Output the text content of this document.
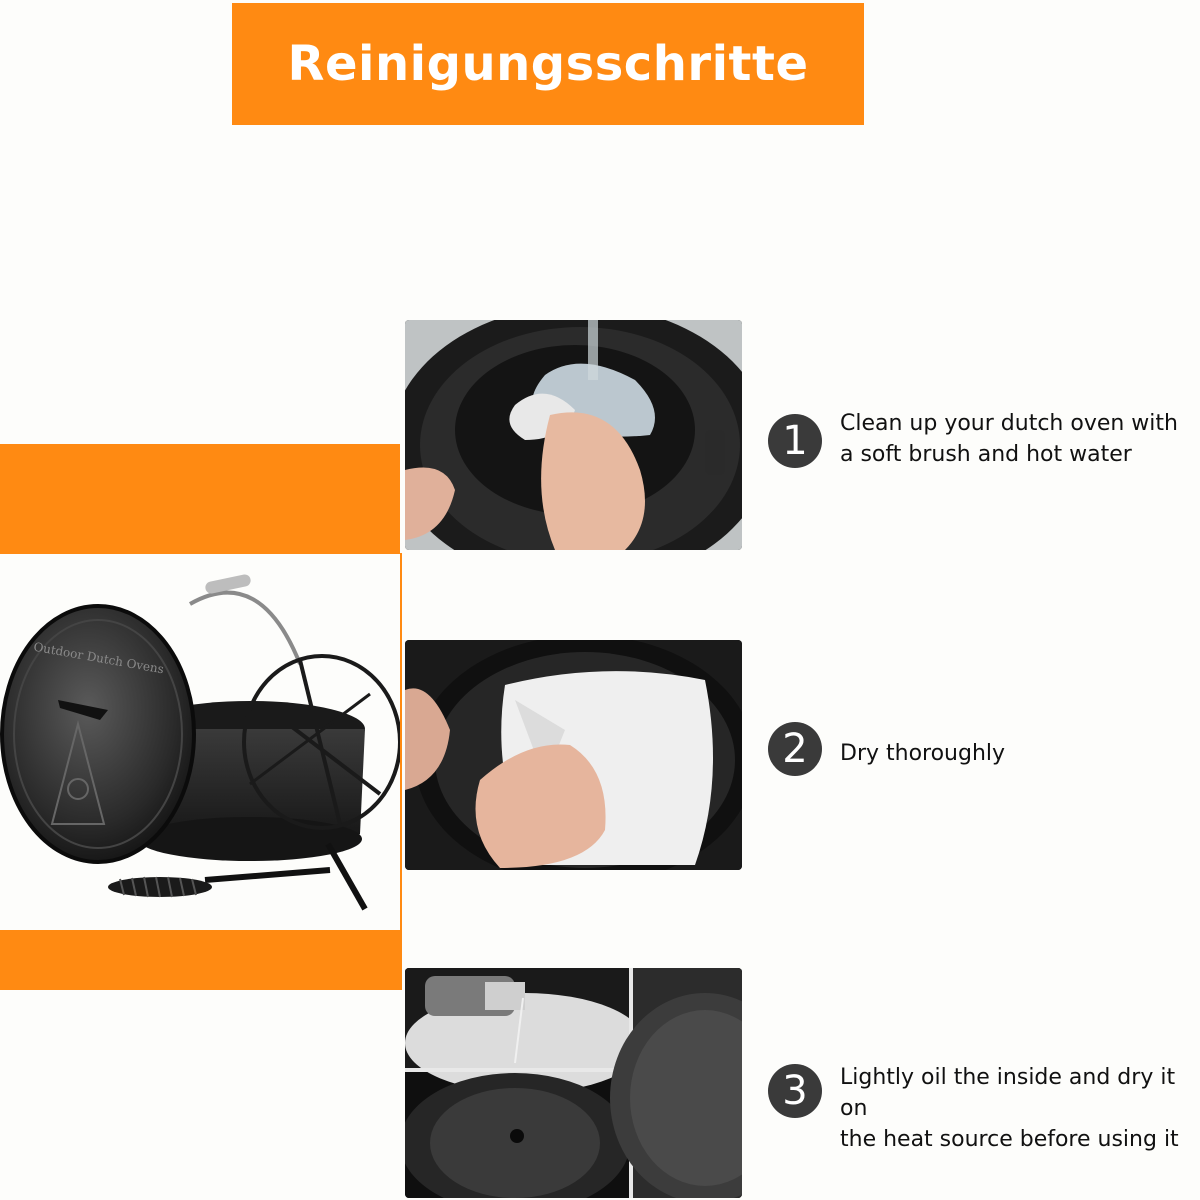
Reinigungsschritte
Outdoor Dutch Ovens
1
2
3
Clean up your dutch oven with
a soft brush and hot water
Dry thoroughly
Lightly oil the inside and dry it on
the heat source before using it
